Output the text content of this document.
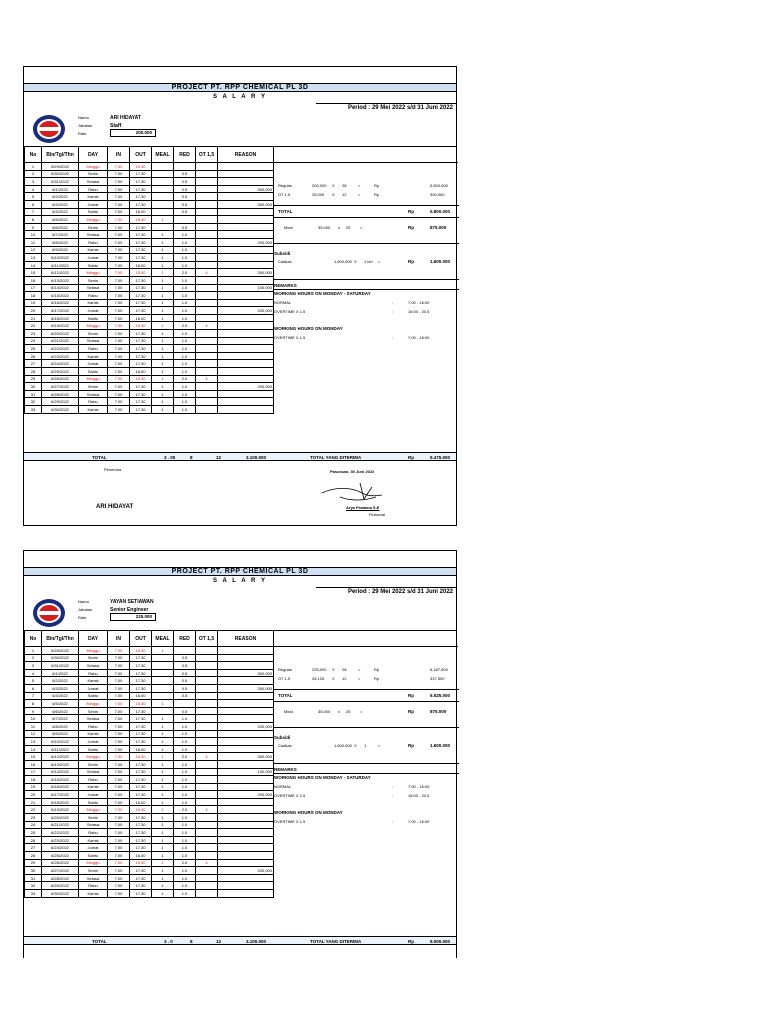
PROJECT PT. RPP CHEMICAL PL 3D
S A L A R Y
Period : 29 Mei 2022 s/d 31 Juni 2022
Nama	ARI HIDAYAT
Jabatan	Staff
Rate	200.000
No	Bln/Tgl/Thn	DAY	IN	OUT	MEAL	RED	OT 1,5	REASON
1	5/29/2022	Minggu	7.00	15.30				
2	5/30/2022	Senin	7.00	17.30		0.5		
3	5/31/2022	Selasa	7.00	17.30		0.5		
4	6/1/2022	Rabu	7.00	17.30		0.5		300,000
5	6/2/2022	Kamis	7.00	17.30		0.5		
6	6/3/2022	Jumat	7.00	17.30		0.5		300,000
7	6/4/2022	Sabtu	7.00	16.00		0.5		
8	6/5/2022	Minggu	7.00	15.30	1			
9	6/6/2022	Senin	7.00	17.30		0.5		
10	6/7/2022	Selasa	7.00	17.30	1	1.0		
11	6/8/2022	Rabu	7.00	17.30	1	1.0		200,000
12	6/9/2022	Kamis	7.00	17.30	1	1.0		
13	6/10/2022	Jumat	7.00	17.30	1	1.0		
14	6/11/2022	Sabtu	7.00	16.00	1	1.0		
15	6/12/2022	Minggu	7.00	15.30	1	2.0	4	300,000
16	6/13/2022	Senin	7.00	17.30	1	1.0		
17	6/14/2022	Selasa	7.00	17.30	1	1.0		100,000
18	6/15/2022	Rabu	7.00	17.30	1	1.0		
19	6/16/2022	Kamis	7.00	17.30	1	1.0		
20	6/17/2022	Jumat	7.00	17.30	1	1.0		200,000
21	6/18/2022	Sabtu	7.00	16.00	1	1.0		
22	6/19/2022	Minggu	7.00	15.30	1	2.0	4	
23	6/20/2022	Senin	7.00	17.30	1	1.0		
24	6/21/2022	Selasa	7.00	17.30	1	1.0		
25	6/22/2022	Rabu	7.00	17.30	1	1.0		
26	6/23/2022	Kamis	7.00	17.30	1	1.0		
27	6/24/2022	Jumat	7.00	17.30	1	1.0		
28	6/25/2022	Sabtu	7.00	16.00	1	1.0		
29	6/26/2022	Minggu	7.00	15.30	1	2.0	4	
30	6/27/2022	Senin	7.00	17.30	1	1.0		200,000
31	6/28/2022	Selasa	7.00	17.30	1	1.0		
32	6/29/2022	Rabu	7.00	17.30	1	1.0		
33	6/30/2022	Kamis	7.00	17.30	1	1.0		
Regular	200,000 X 28	=	Rp	5,500,000
OT 1.5	25,000 X 12	=	Rp	300,000
TOTAL	Rp	5.800.000
Meal	35,000 x 25 =	Rp	875.000
Subsidi
Cadkas	1,600,000 X 1 bln =	Rp	1.600.000
REMARKS
WORKING HOURS ON MONDAY - SATURDAY
NORMAL	:	7:00 - 16:00
OVERTIME X 1.5	:	16:00 - 20.5
WORKING HOURS ON MONDAY
OVERTIME X 1.5	:	7:00 - 16:00
TOTAL	3 . 00	8	12	3.100.000	TOTAL YANG DITERIMA	Rp	9.475.000
Penerima
ARI HIDAYAT
Pasuruan, 30 Juni 2022
Arya Pratama S.E
Financial
PROJECT PT. RPP CHEMICAL PL 3D
S A L A R Y
Period : 29 Mei 2022 s/d 31 Juni 2022
Nama	YAYAN SETIAWAN
Jabatan	Senior Engineer
Rate	225.000
No	Bln/Tgl/Thn	DAY	IN	OUT	MEAL	RED	OT 1,5	REASON
1	5/29/2022	Minggu	7.00	15.30	1			
2	5/30/2022	Senin	7.00	17.30		0.5		
3	5/31/2022	Selasa	7.00	17.30		0.5		
4	6/1/2022	Rabu	7.00	17.30		0.5		300,000
5	6/2/2022	Kamis	7.00	17.30		0.5		
6	6/3/2022	Jumat	7.00	17.30		0.5		300,000
7	6/4/2022	Sabtu	7.00	16.00		0.5		
8	6/5/2022	Minggu	7.00	15.30	1			
9	6/6/2022	Senin	7.00	17.30		0.5		
10	6/7/2022	Selasa	7.00	17.30	1	1.0		
11	6/8/2022	Rabu	7.00	17.30	1	1.0		200,000
12	6/9/2022	Kamis	7.00	17.30	1	1.0		
13	6/10/2022	Jumat	7.00	17.30	1	1.0		
14	6/11/2022	Sabtu	7.00	16.00	1	1.0		
15	6/12/2022	Minggu	7.00	15.30	1	2.0	4	300,000
16	6/13/2022	Senin	7.00	17.30	1	1.0		
17	6/14/2022	Selasa	7.00	17.30	1	1.0		100,000
18	6/15/2022	Rabu	7.00	17.30	1	1.0		
19	6/16/2022	Kamis	7.00	17.30	1	1.0		
20	6/17/2022	Jumat	7.00	17.30	1	1.0		200,000
21	6/18/2022	Sabtu	7.00	16.00	1	1.0		
22	6/19/2022	Minggu	7.00	15.30	1	2.0	4	
23	6/20/2022	Senin	7.00	17.30	1	1.0		
24	6/21/2022	Selasa	7.00	17.30	1	1.0		
25	6/22/2022	Rabu	7.00	17.30	1	1.0		
26	6/23/2022	Kamis	7.00	17.30	1	1.0		
27	6/24/2022	Jumat	7.00	17.30	1	1.0		
28	6/25/2022	Sabtu	7.00	16.00	1	1.0		
29	6/26/2022	Minggu	7.00	15.30	1	2.0	4	
30	6/27/2022	Senin	7.00	17.30	1	1.0		200,000
31	6/28/2022	Selasa	7.00	17.30	1	1.0		
32	6/29/2022	Rabu	7.00	17.30	1	1.0		
33	6/30/2022	Kamis	7.00	17.30	1	1.0		
Regular	225,000 X 28	=	Rp	6,187,500
OT 1.5	28,125 X 12	=	Rp	337,500
TOTAL	Rp	6.525.000
Meal	35,000 x 25 =	Rp	875.000
Subsidi
Cadkas	1,600,000 X 1	=	Rp	1.600.000
REMARKS
WORKING HOURS ON MONDAY - SATURDAY
NORMAL	:	7:00 - 16:00
OVERTIME X 1.5	:	16:00 - 20.5
WORKING HOURS ON MONDAY
OVERTIME X 1.5	:	7:00 - 16:00
TOTAL	3 . 0	8	12	3.100.000	TOTAL YANG DITERIMA	Rp	9.000.000
